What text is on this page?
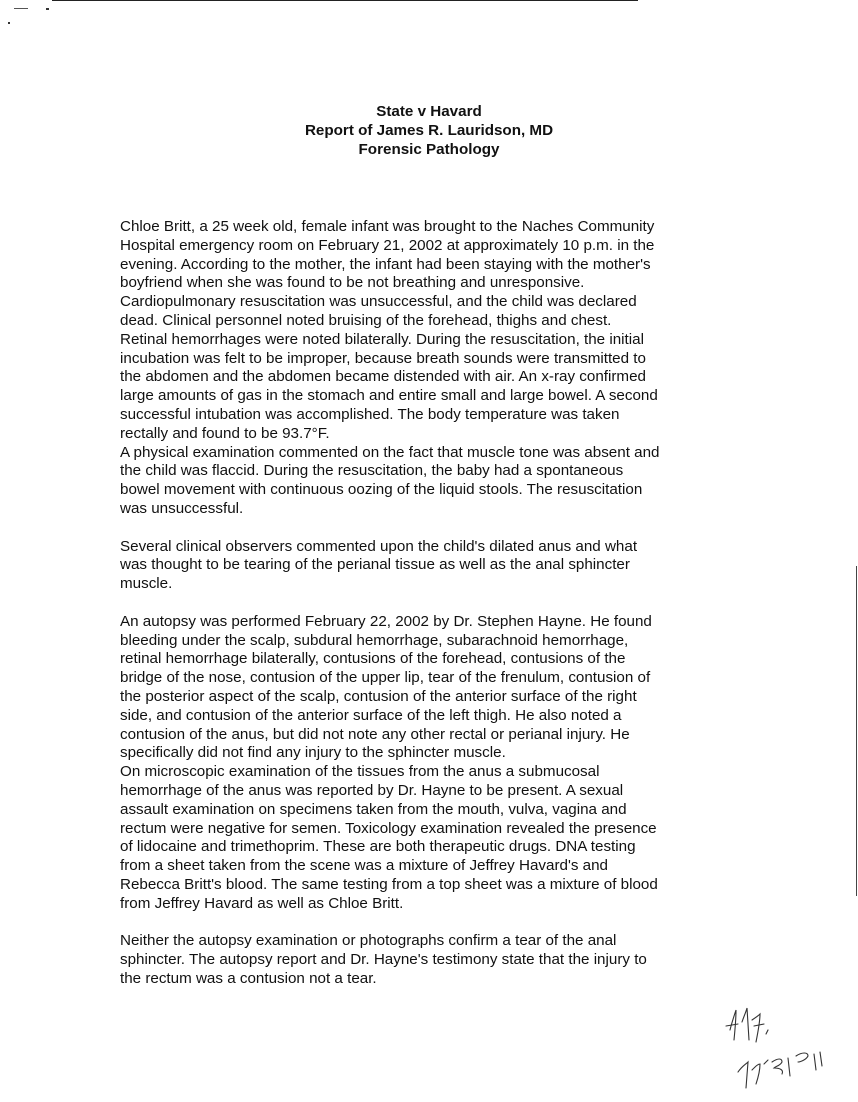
State v Havard
Report of James R. Lauridson, MD
Forensic Pathology
Chloe Britt, a 25 week old, female infant was brought to the Naches Community
Hospital emergency room on February 21, 2002 at approximately 10 p.m. in the
evening. According to the mother, the infant had been staying with the mother's
boyfriend when she was found to be not breathing and unresponsive.
Cardiopulmonary resuscitation was unsuccessful, and the child was declared
dead. Clinical personnel noted bruising of the forehead, thighs and chest.
Retinal hemorrhages were noted bilaterally. During the resuscitation, the initial
incubation was felt to be improper, because breath sounds were transmitted to
the abdomen and the abdomen became distended with air. An x-ray confirmed
large amounts of gas in the stomach and entire small and large bowel. A second
successful intubation was accomplished. The body temperature was taken
rectally and found to be 93.7°F.
A physical examination commented on the fact that muscle tone was absent and
the child was flaccid. During the resuscitation, the baby had a spontaneous
bowel movement with continuous oozing of the liquid stools. The resuscitation
was unsuccessful.
Several clinical observers commented upon the child's dilated anus and what
was thought to be tearing of the perianal tissue as well as the anal sphincter
muscle.
An autopsy was performed February 22, 2002 by Dr. Stephen Hayne. He found
bleeding under the scalp, subdural hemorrhage, subarachnoid hemorrhage,
retinal hemorrhage bilaterally, contusions of the forehead, contusions of the
bridge of the nose, contusion of the upper lip, tear of the frenulum, contusion of
the posterior aspect of the scalp, contusion of the anterior surface of the right
side, and contusion of the anterior surface of the left thigh. He also noted a
contusion of the anus, but did not note any other rectal or perianal injury. He
specifically did not find any injury to the sphincter muscle.
On microscopic examination of the tissues from the anus a submucosal
hemorrhage of the anus was reported by Dr. Hayne to be present. A sexual
assault examination on specimens taken from the mouth, vulva, vagina and
rectum were negative for semen. Toxicology examination revealed the presence
of lidocaine and trimethoprim. These are both therapeutic drugs. DNA testing
from a sheet taken from the scene was a mixture of Jeffrey Havard's and
Rebecca Britt's blood. The same testing from a top sheet was a mixture of blood
from Jeffrey Havard as well as Chloe Britt.
Neither the autopsy examination or photographs confirm a tear of the anal
sphincter. The autopsy report and Dr. Hayne's testimony state that the injury to
the rectum was a contusion not a tear.
